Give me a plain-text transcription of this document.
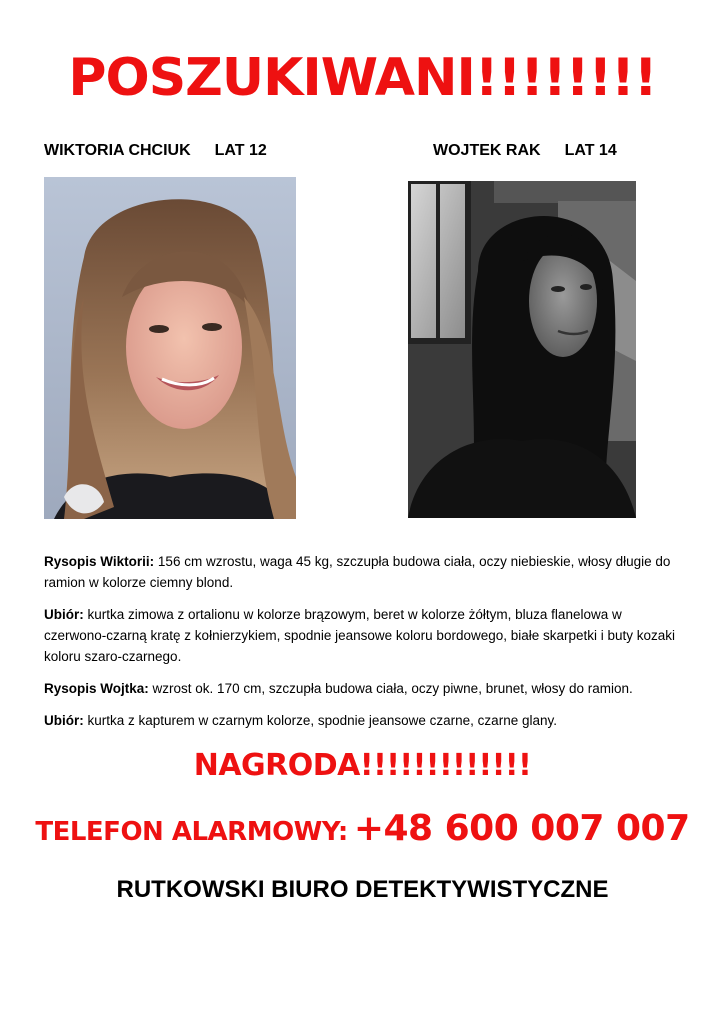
POSZUKIWANI!!!!!!!!
WIKTORIA CHCIUK LAT 12	WOJTEK RAK LAT 14
Rysopis Wiktorii: 156 cm wzrostu, waga 45 kg, szczupła budowa ciała, oczy niebieskie, włosy długie do ramion w kolorze ciemny blond.
Ubiór: kurtka zimowa z ortalionu w kolorze brązowym, beret w kolorze żółtym, bluza flanelowa w czerwono-czarną kratę z kołnierzykiem, spodnie jeansowe koloru bordowego, białe skarpetki i buty kozaki koloru szaro-czarnego.
Rysopis Wojtka: wzrost ok. 170 cm, szczupła budowa ciała, oczy piwne, brunet, włosy do ramion.
Ubiór: kurtka z kapturem w czarnym kolorze, spodnie jeansowe czarne, czarne glany.
NAGRODA!!!!!!!!!!!!!
TELEFON ALARMOWY: +48 600 007 007
RUTKOWSKI BIURO DETEKTYWISTYCZNE
